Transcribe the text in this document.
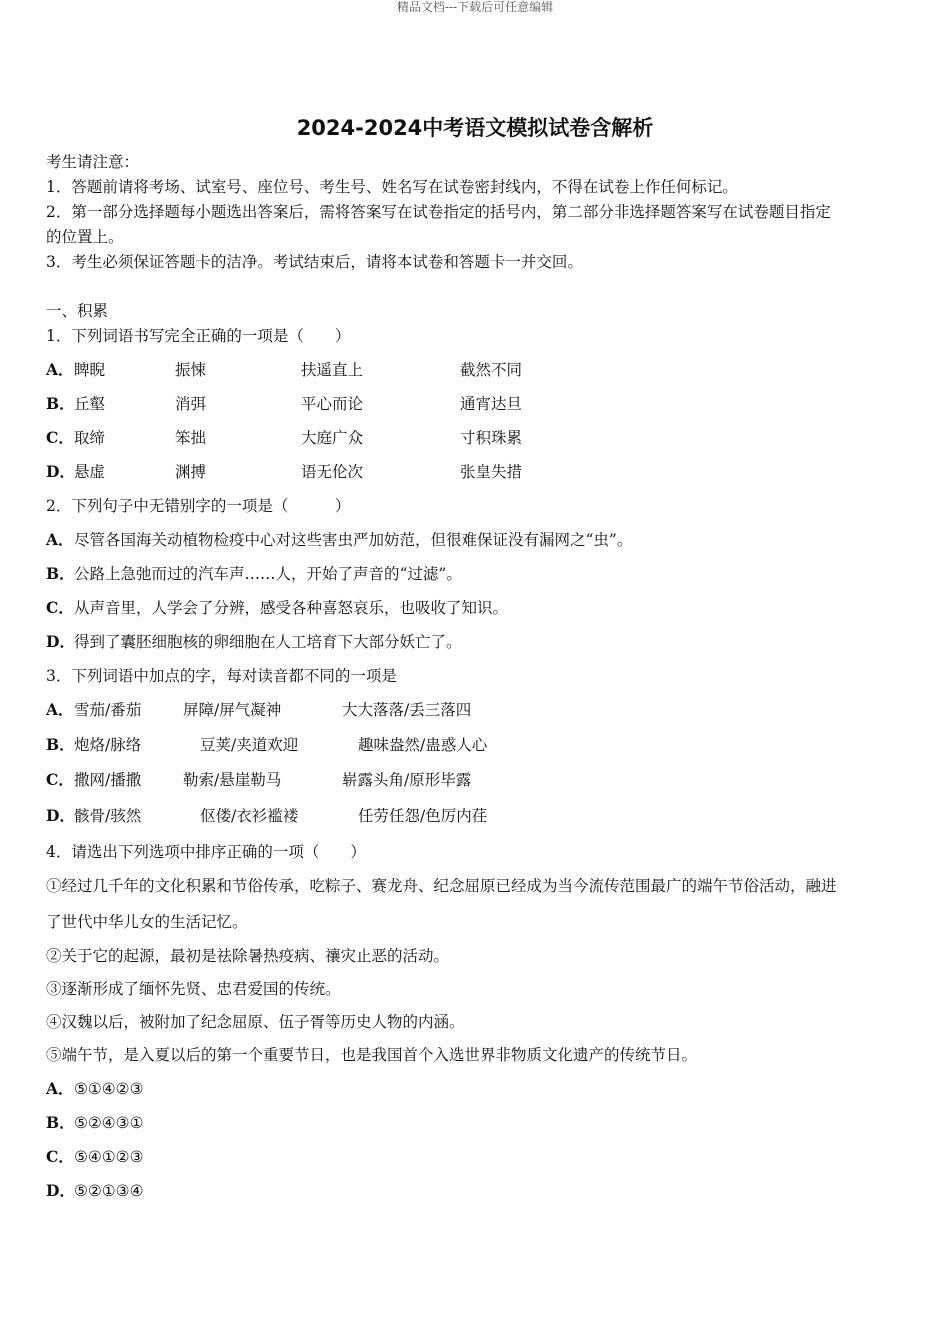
精品文档---下载后可任意编辑
2024-2024中考语文模拟试卷含解析
考生请注意：
1．答题前请将考场、试室号、座位号、考生号、姓名写在试卷密封线内，不得在试卷上作任何标记。
2．第一部分选择题每小题选出答案后，需将答案写在试卷指定的括号内，第二部分非选择题答案写在试卷题目指定
的位置上。
3．考生必须保证答题卡的洁净。考试结束后，请将本试卷和答题卡一并交回。
一、积累
1．下列词语书写完全正确的一项是（　　）
A． 睥睨	振悚	扶遥直上	截然不同
B． 丘壑	消弭	平心而论	通宵达旦
C． 取缔	笨拙	大庭广众	寸积珠累
D． 悬虚	渊搏	语无伦次	张皇失措
2．下列句子中无错别字的一项是（　　　）
A． 尽管各国海关动植物检疫中心对这些害虫严加妨范，但很难保证没有漏网之“虫”。
B． 公路上急弛而过的汽车声……人，开始了声音的“过滤”。
C． 从声音里，人学会了分辨，感受各种喜怒哀乐，也吸收了知识。
D． 得到了囊胚细胞核的卵细胞在人工培育下大部分妖亡了。
3．下列词语中加点的字，每对读音都不同的一项是
A． 雪茄/番茄	屏障/屏气凝神	大大落落/丢三落四
B． 炮烙/脉络	豆荚/夹道欢迎	趣味盎然/蛊惑人心
C． 撒网/播撒	勒索/悬崖勒马	崭露头角/原形毕露
D． 骸骨/骇然	伛偻/衣衫褴褛	任劳任怨/色厉内荏
4．请选出下列选项中排序正确的一项（　　）
①经过几千年的文化积累和节俗传承，吃粽子、赛龙舟、纪念屈原已经成为当今流传范围最广的端午节俗活动，融进
了世代中华儿女的生活记忆。
②关于它的起源，最初是祛除暑热疫病、禳灾止恶的活动。
③逐渐形成了缅怀先贤、忠君爱国的传统。
④汉魏以后，被附加了纪念屈原、伍子胥等历史人物的内涵。
⑤端午节，是入夏以后的第一个重要节日，也是我国首个入选世界非物质文化遗产的传统节日。
A． ⑤①④②③
B． ⑤②④③①
C． ⑤④①②③
D． ⑤②①③④
